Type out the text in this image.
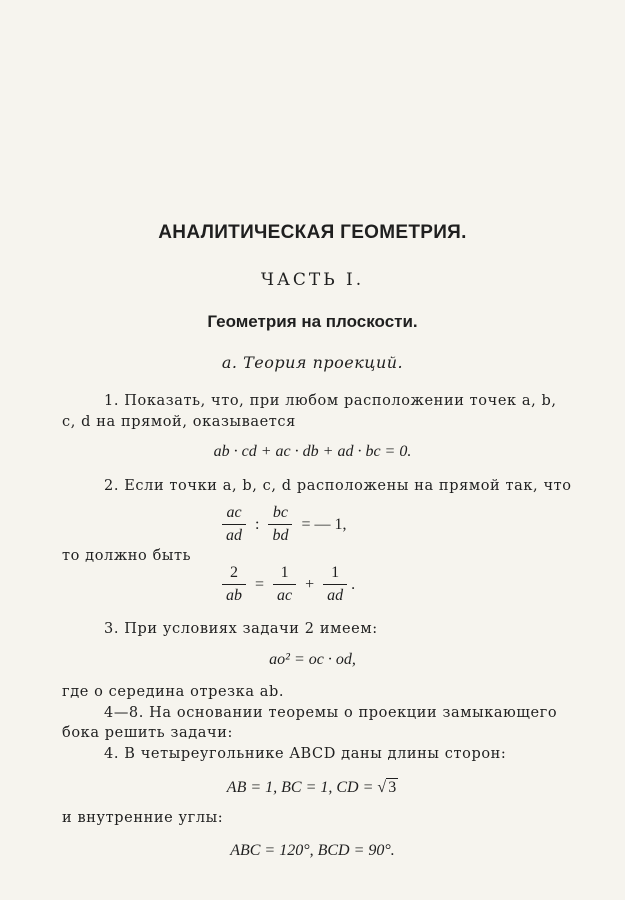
АНАЛИТИЧЕСКАЯ ГЕОМЕТРИЯ.
ЧАСТЬ I.
Геометрия на плоскости.
a. Теория проекций.
1. Показать, что, при любом расположении точек a, b,
c, d на прямой, оказывается
ab · cd + ac · db + ad · bc = 0.
2. Если точки a, b, c, d расположены на прямой так, что
$\frac{ac}{ad}$ : $\frac{bc}{bd}$ = — 1,
то должно быть
$\frac{2}{ab} = \frac{1}{ac} + \frac{1}{ad}$ .
3. При условиях задачи 2 имеем:
ao² = oc · od,
где o середина отрезка ab.
4—8. На основании теоремы о проекции замыкающего
бока решить задачи:
4. В четыреугольнике ABCD даны длины сторон:
AB = 1, BC = 1, CD = √ 3
и внутренние углы:
ABC = 120°, BCD = 90°.
